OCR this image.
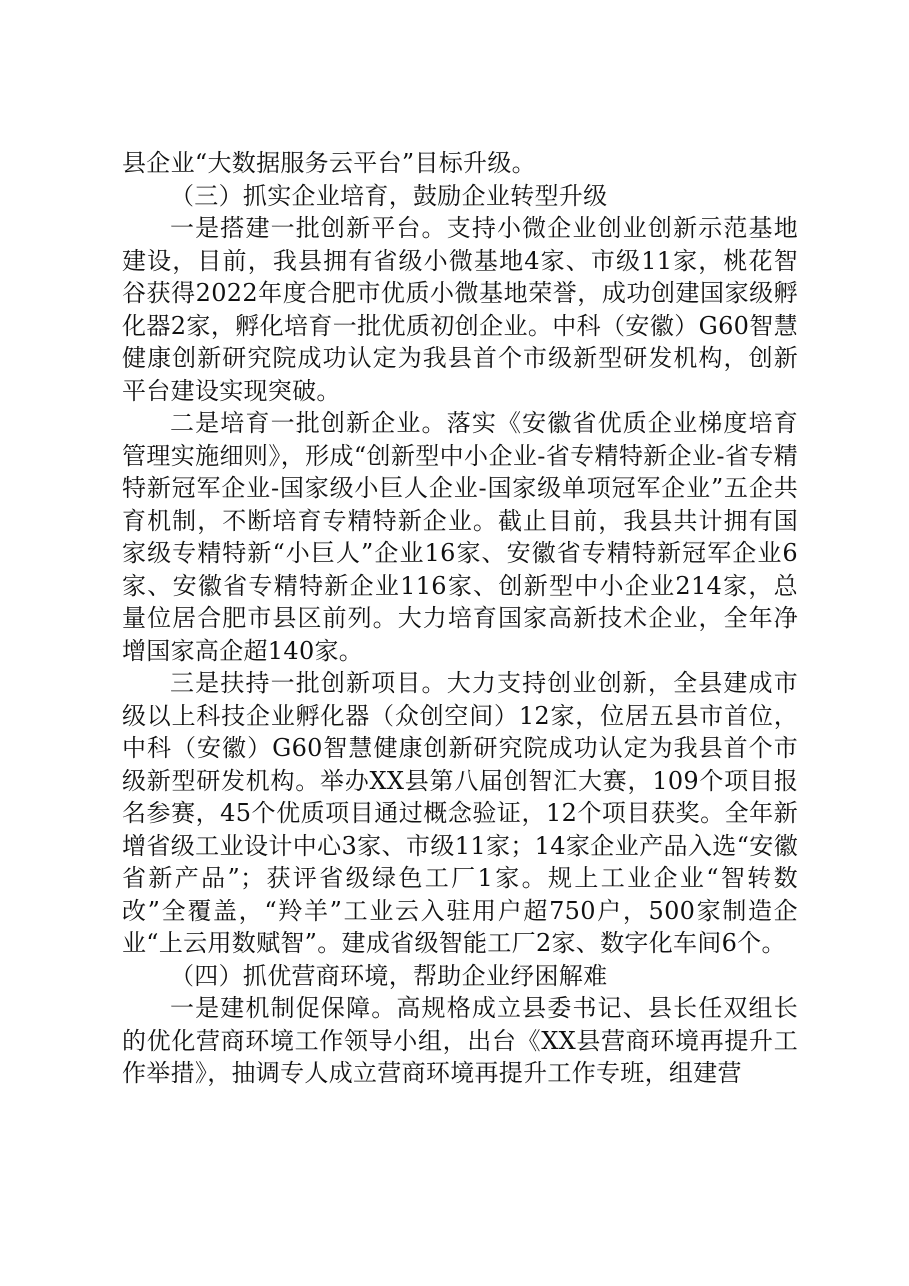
县企业“大数据服务云平台”目标升级。

（三）抓实企业培育，鼓励企业转型升级

一是搭建一批创新平台。支持小微企业创业创新示范基地建设，目前，我县拥有省级小微基地4家、市级11家，桃花智谷获得2022年度合肥市优质小微基地荣誉，成功创建国家级孵化器2家，孵化培育一批优质初创企业。中科（安徽）G60智慧健康创新研究院成功认定为我县首个市级新型研发机构，创新平台建设实现突破。

二是培育一批创新企业。落实《安徽省优质企业梯度培育管理实施细则》，形成“创新型中小企业-省专精特新企业-省专精特新冠军企业-国家级小巨人企业-国家级单项冠军企业”五企共育机制，不断培育专精特新企业。截止目前，我县共计拥有国家级专精特新“小巨人”企业16家、安徽省专精特新冠军企业6家、安徽省专精特新企业116家、创新型中小企业214家，总量位居合肥市县区前列。大力培育国家高新技术企业，全年净增国家高企超140家。

三是扶持一批创新项目。大力支持创业创新，全县建成市级以上科技企业孵化器（众创空间）12家，位居五县市首位，中科（安徽）G60智慧健康创新研究院成功认定为我县首个市级新型研发机构。举办XX县第八届创智汇大赛，109个项目报名参赛，45个优质项目通过概念验证，12个项目获奖。全年新增省级工业设计中心3家、市级11家；14家企业产品入选“安徽省新产品”；获评省级绿色工厂1家。规上工业企业“智转数改”全覆盖，“羚羊”工业云入驻用户超750户，500家制造企业“上云用数赋智”。建成省级智能工厂2家、数字化车间6个。

（四）抓优营商环境，帮助企业纾困解难

一是建机制促保障。高规格成立县委书记、县长任双组长的优化营商环境工作领导小组，出台《XX县营商环境再提升工作举措》，抽调专人成立营商环境再提升工作专班，组建营
